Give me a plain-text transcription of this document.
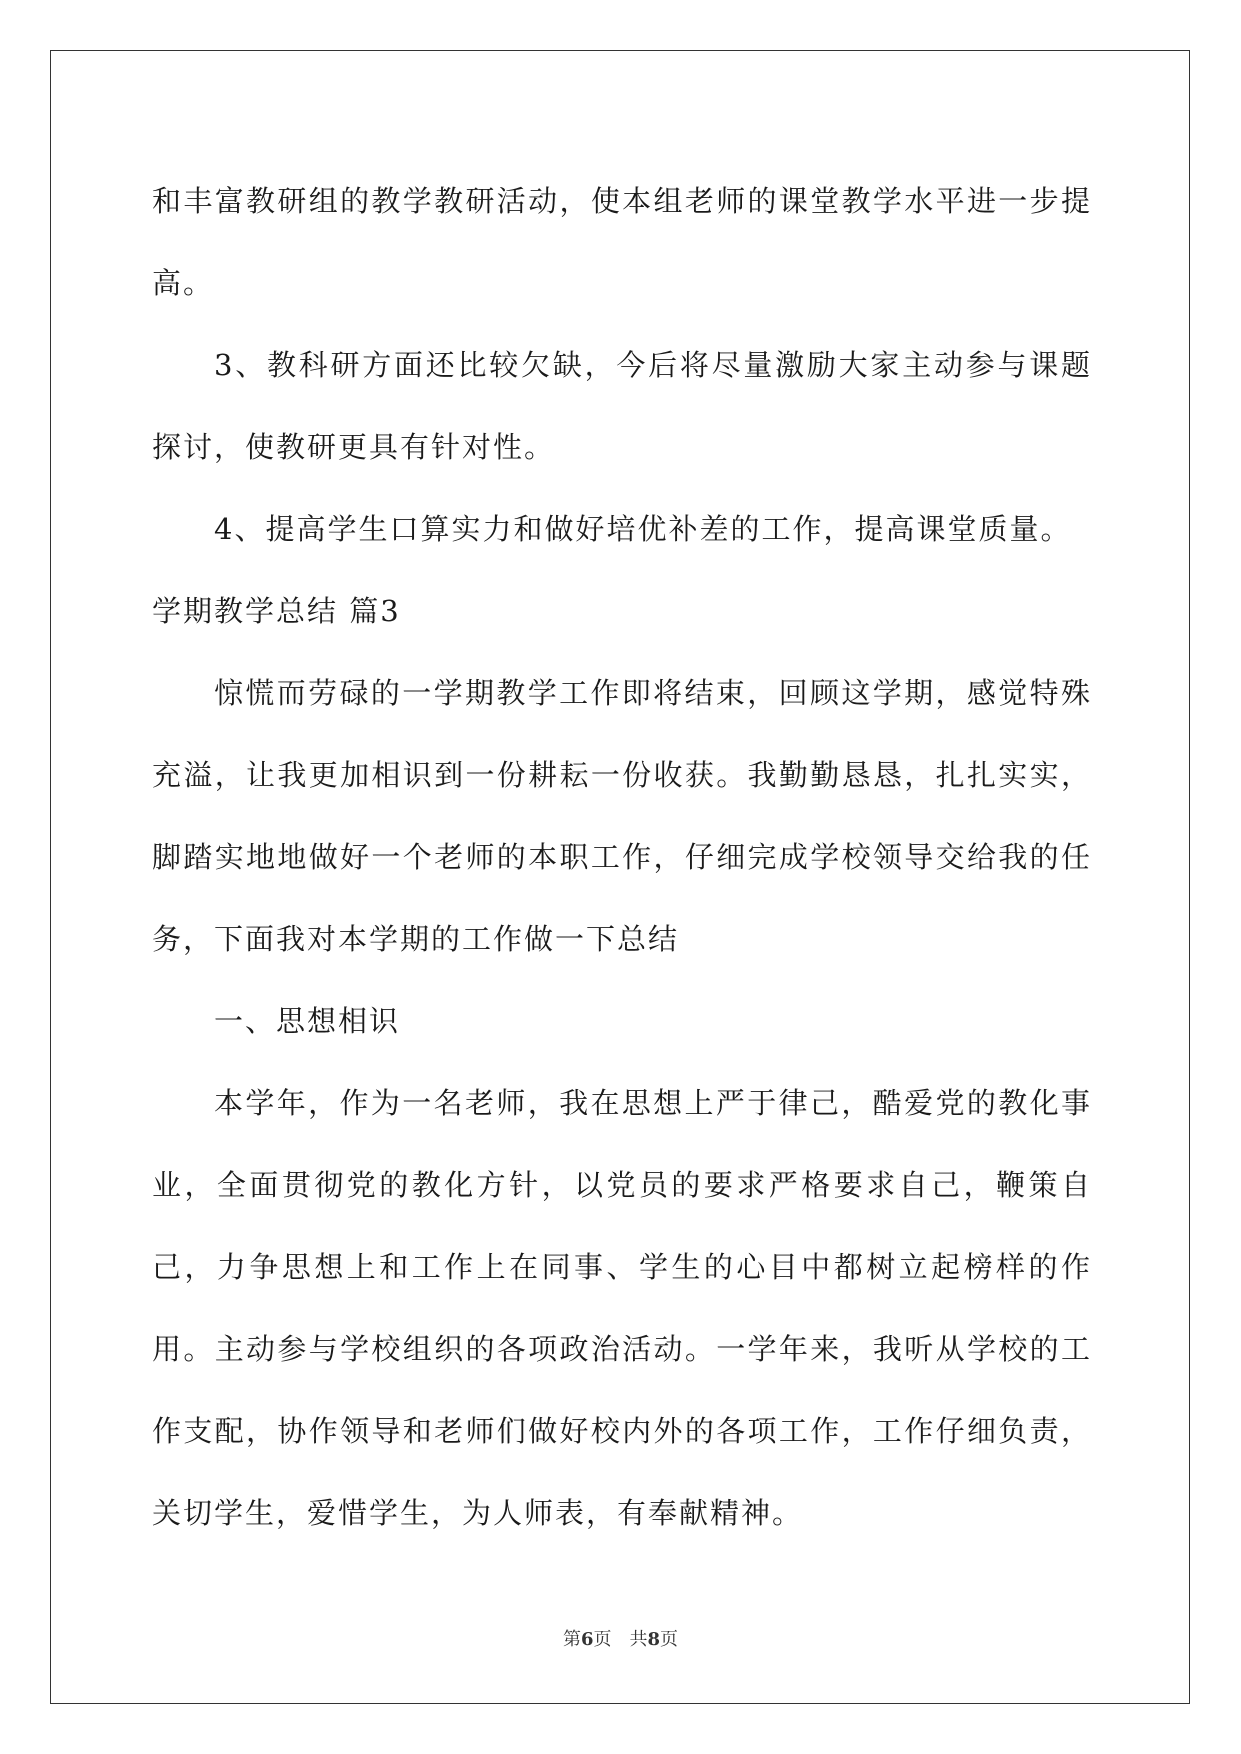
和丰富教研组的教学教研活动，使本组老师的课堂教学水平进一步提高。

3、教科研方面还比较欠缺，今后将尽量激励大家主动参与课题探讨，使教研更具有针对性。

4、提高学生口算实力和做好培优补差的工作，提高课堂质量。

学期教学总结 篇3

惊慌而劳碌的一学期教学工作即将结束，回顾这学期，感觉特殊充溢，让我更加相识到一份耕耘一份收获。我勤勤恳恳，扎扎实实，脚踏实地地做好一个老师的本职工作，仔细完成学校领导交给我的任务，下面我对本学期的工作做一下总结

一、思想相识

本学年，作为一名老师，我在思想上严于律己，酷爱党的教化事业，全面贯彻党的教化方针，以党员的要求严格要求自己，鞭策自己，力争思想上和工作上在同事、学生的心目中都树立起榜样的作用。主动参与学校组织的各项政治活动。一学年来，我听从学校的工作支配，协作领导和老师们做好校内外的各项工作，工作仔细负责，关切学生，爱惜学生，为人师表，有奉献精神。

第6页 共8页
